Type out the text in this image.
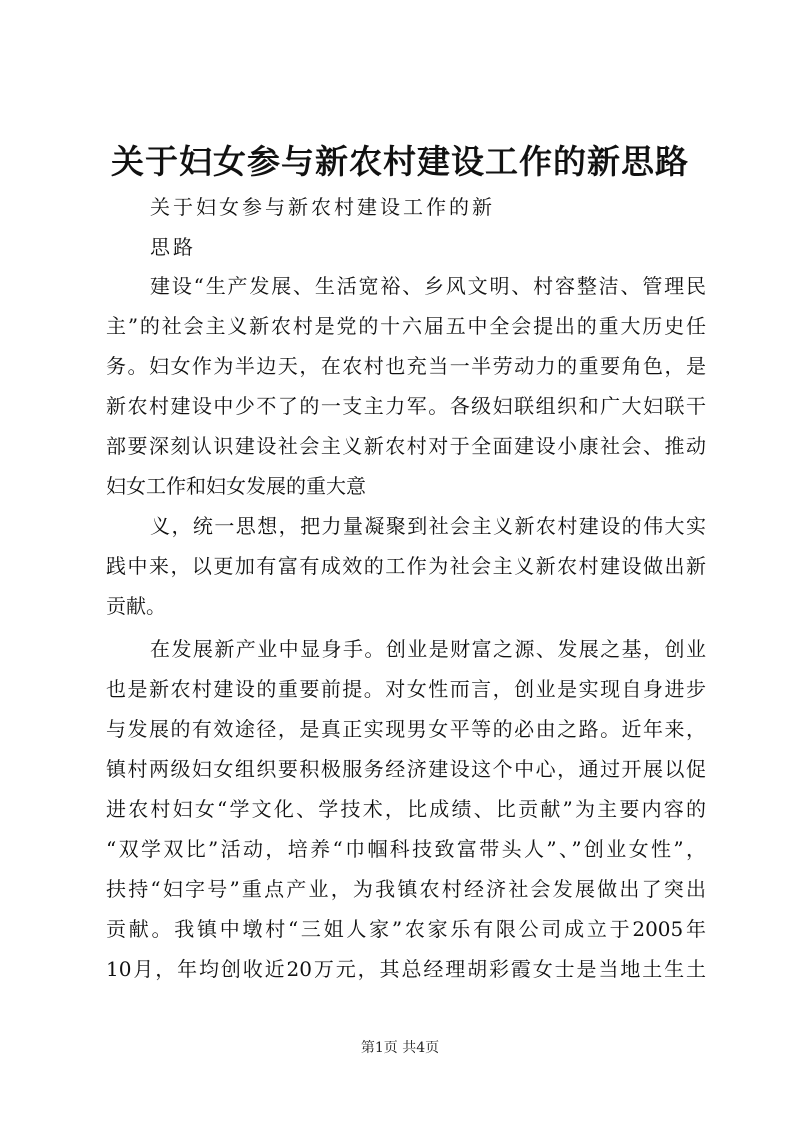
关于妇女参与新农村建设工作的新思路

关于妇女参与新农村建设工作的新

思路

建设“生产发展、生活宽裕、乡风文明、村容整洁、管理民

主”的社会主义新农村是党的十六届五中全会提出的重大历史任

务。妇女作为半边天，在农村也充当一半劳动力的重要角色，是

新农村建设中少不了的一支主力军。各级妇联组织和广大妇联干

部要深刻认识建设社会主义新农村对于全面建设小康社会、推动

妇女工作和妇女发展的重大意

义，统一思想，把力量凝聚到社会主义新农村建设的伟大实

践中来，以更加有富有成效的工作为社会主义新农村建设做出新

贡献。

在发展新产业中显身手。创业是财富之源、发展之基，创业

也是新农村建设的重要前提。对女性而言，创业是实现自身进步

与发展的有效途径，是真正实现男女平等的必由之路。近年来，

镇村两级妇女组织要积极服务经济建设这个中心，通过开展以促

进农村妇女“学文化、学技术，比成绩、比贡献”为主要内容的

“双学双比”活动，培养“巾帼科技致富带头人”、”创业女性”，

扶持“妇字号”重点产业，为我镇农村经济社会发展做出了突出

贡献。我镇中墩村“三姐人家”农家乐有限公司成立于2005年

10月，年均创收近20万元，其总经理胡彩霞女士是当地土生土

第1页 共4页
